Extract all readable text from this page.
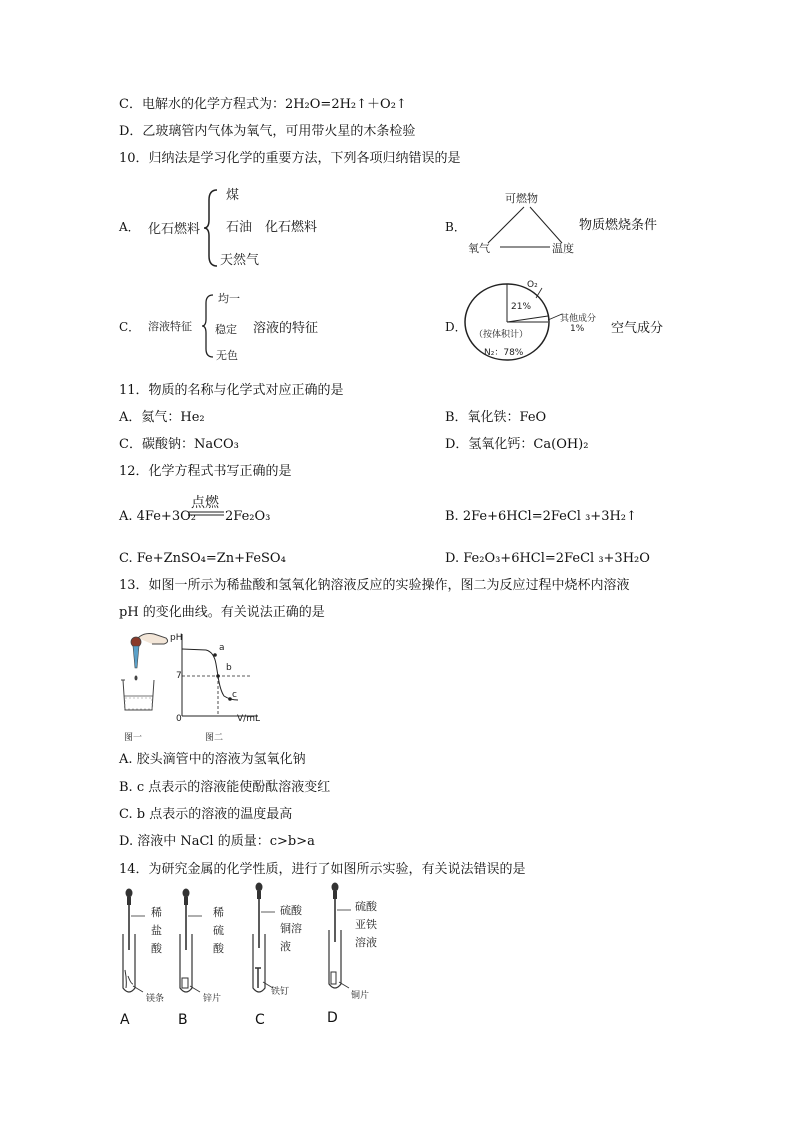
C．电解水的化学方程式为：2H₂O=2H₂↑＋O₂↑
D．乙玻璃管内气体为氧气，可用带火星的木条检验
10．归纳法是学习化学的重要方法，下列各项归纳错误的是
A． 化石燃料
煤
石油
天然气
化石燃料	B．
可燃物
氧气	温度
物质燃烧条件
C． 溶液特征
均一
稳定
无色
溶液的特征	D．
O₂
21%
其他成分
1%
（按体积计）
N₂：78%
空气成分
11．物质的名称与化学式对应正确的是
A．氦气：He₂	B．氧化铁：FeO
C．碳酸钠：NaCO₃	D．氢氧化钙：Ca(OH)₂
12．化学方程式书写正确的是
A. 4Fe+3O₂
点燃
2Fe₂O₃	B. 2Fe+6HCl=2FeCl ₃+3H₂↑
C. Fe+ZnSO₄=Zn+FeSO₄	D. Fe₂O₃+6HCl=2FeCl ₃+3H₂O
13．如图一所示为稀盐酸和氢氧化钠溶液反应的实验操作，图二为反应过程中烧杯内溶液
pH 的变化曲线。有关说法正确的是
图一
pH
7
0	V/mL
a
b
c
图二
A. 胶头滴管中的溶液为氢氧化钠
B. c 点表示的溶液能使酚酞溶液变红
C. b 点表示的溶液的温度最高
D. 溶液中 NaCl 的质量：c>b>a
14．为研究金属的化学性质，进行了如图所示实验，有关说法错误的是
稀
盐
酸
镁条
A
稀
硫
酸
锌片
B
硫酸
铜溶
液
铁钉
C
硫酸
亚铁
溶液
铜片
D
